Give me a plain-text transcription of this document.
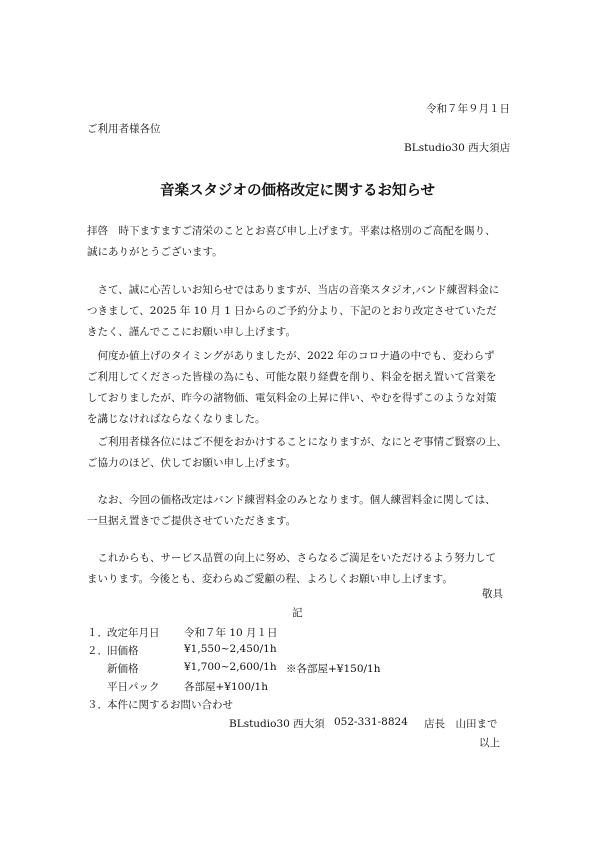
令和７年９月１日
ご利用者様各位
BLstudio30 西大須店
音楽スタジオの価格改定に関するお知らせ
拝啓　時下ますますご清栄のこととお喜び申し上げます。平素は格別のご高配を賜り、
誠にありがとうございます。
　さて、誠に心苦しいお知らせではありますが、当店の音楽スタジオ,バンド練習料金に
つきまして、2025 年 10 月 1 日からのご予約分より、下記のとおり改定させていただ
きたく、謹んでここにお願い申し上げます。
　何度か値上げのタイミングがありましたが、2022 年のコロナ過の中でも、変わらず
ご利用してくださった皆様の為にも、可能な限り経費を削り、料金を据え置いて営業を
しておりましたが、昨今の諸物価、電気料金の上昇に伴い、やむを得ずこのような対策
を講じなければならなくなりました。
　ご利用者様各位にはご不便をおかけすることになりますが、なにとぞ事情ご賢察の上、
ご協力のほど、伏してお願い申し上げます。
　なお、今回の価格改定はバンド練習料金のみとなります。個人練習料金に関しては、
一旦据え置きでご提供させていただきます。
　これからも、サービス品質の向上に努め、さらなるご満足をいただけるよう努力して
まいります。今後とも、変わらぬご愛顧の程、よろしくお願い申し上げます。
敬具
記
１． 改定年月日 令和７年 10 月１日
２． 旧価格	¥1,550~2,450/1h
新価格	¥1,700~2,600/1h ※各部屋+¥150/1h
平日パック 各部屋+¥100/1h
３． 本件に関するお問い合わせ
BLstudio30 西大須 052-331-8824 店長　山田まで
以上
